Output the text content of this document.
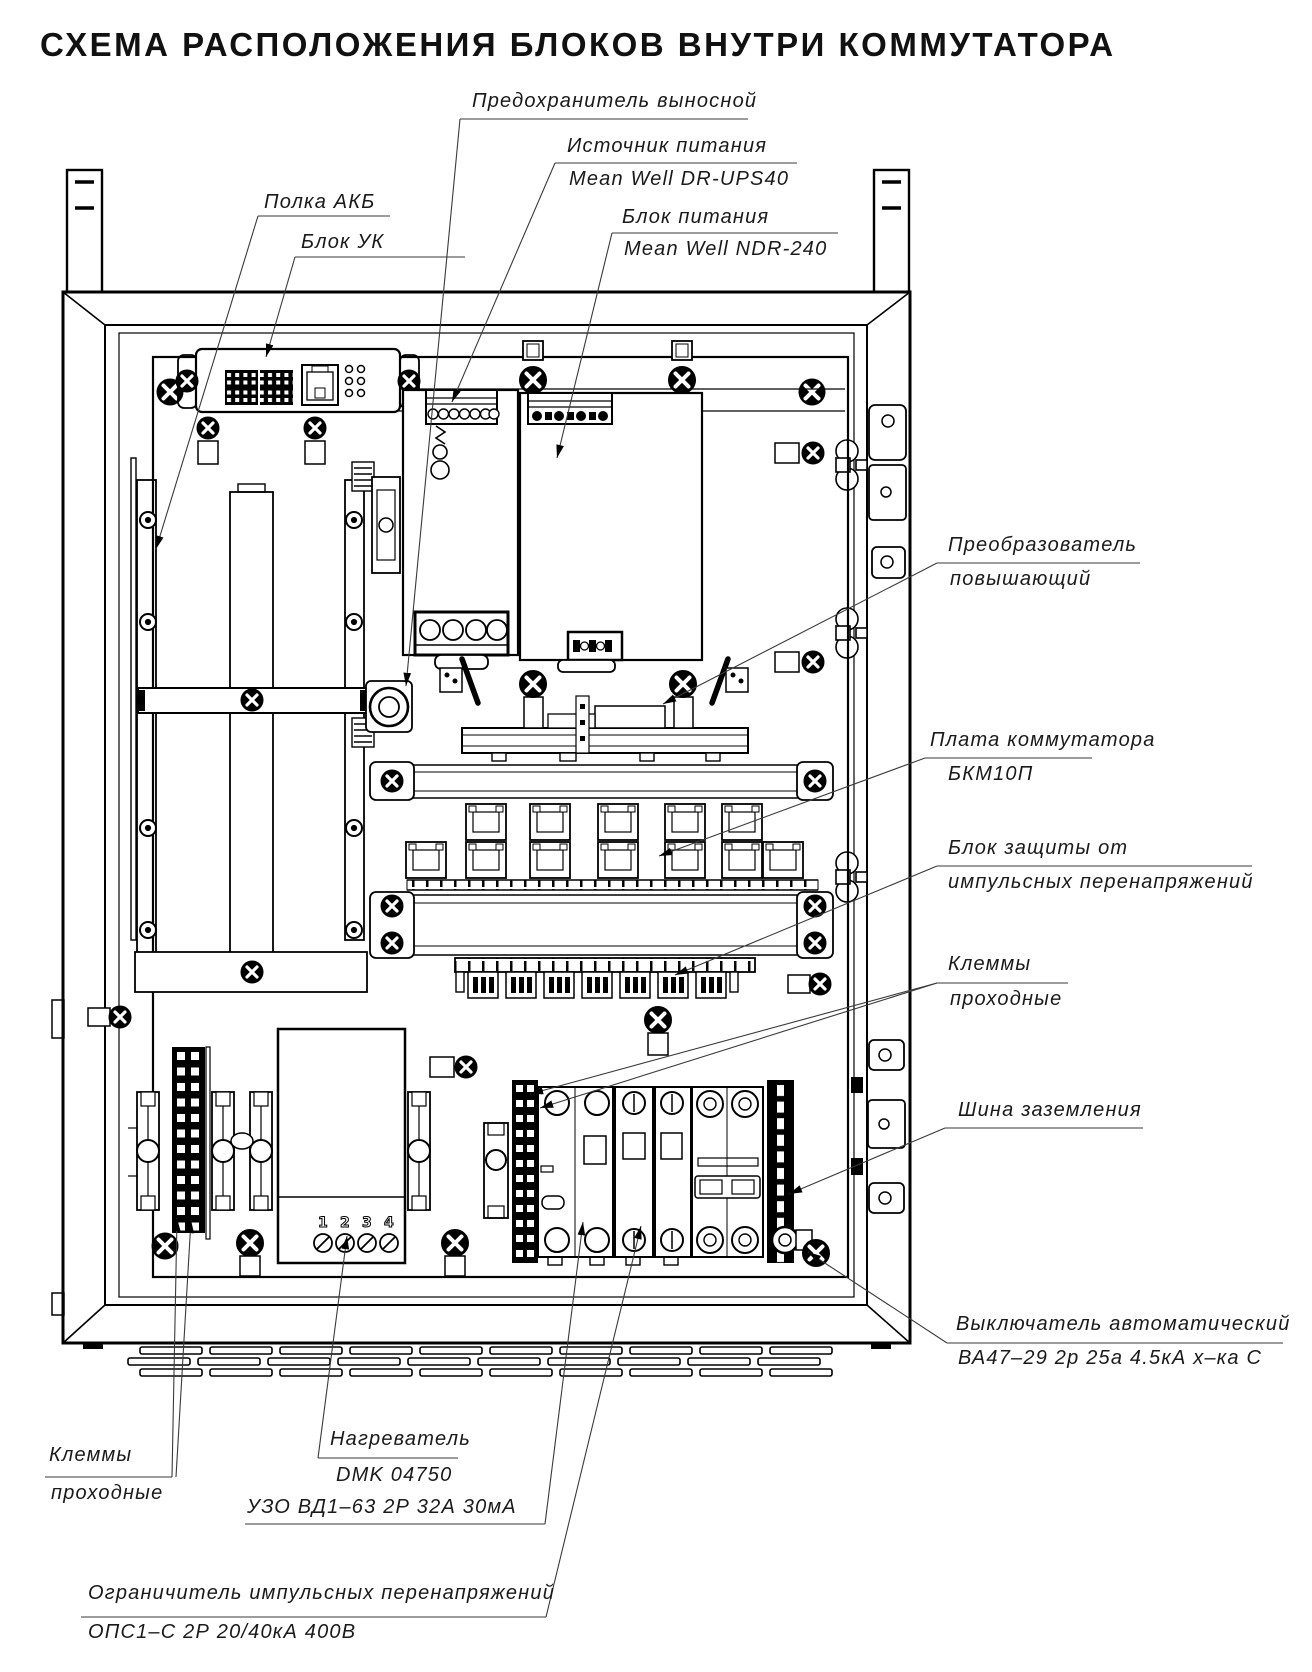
1 2 3 4
СХЕМА РАСПОЛОЖЕНИЯ БЛОКОВ ВНУТРИ КОММУТАТОРА
Предохранитель выносной
Источник питания
Mean Well DR-UPS40
Полка АКБ
Блок УК
Блок питания
Mean Well NDR-240
Преобразователь
повышающий
Плата коммутатора
БКМ10П
Блок защиты от
импульсных перенапряжений
Клеммы
проходные
Шина заземления
Выключатель автоматический
ВА47–29 2р 25а 4.5кА х–ка С
Клеммы
проходные
Нагреватель
DMK 04750
УЗО ВД1–63 2Р 32А 30мА
Ограничитель импульсных перенапряжений
ОПС1–С 2Р 20/40кА 400В
